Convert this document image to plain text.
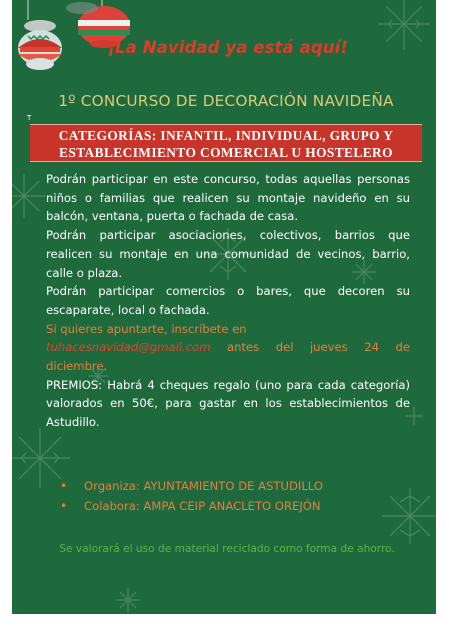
¡La Navidad ya está aquí!
1º CONCURSO DE DECORACIÓN NAVIDEÑA
T
CATEGORÍAS: INFANTIL, INDIVIDUAL, GRUPO Y
ESTABLECIMIENTO COMERCIAL U HOSTELERO

Podrán participar en este concurso, todas aquellas personas niños o familias que realicen su montaje navideño en su balcón, ventana, puerta o fachada de casa.

Podrán participar asociaciones, colectivos, barrios que realicen su montaje en una comunidad de vecinos, barrio, calle o plaza.

Podrán participar comercios o bares, que decoren su escaparate, local o fachada.

Si quieres apuntarte, inscríbete en
tuhacesnavidad@gmail.com antes del jueves 24 de diciembre.

PREMIOS: Habrá 4 cheques regalo (uno para cada categoría) valorados en 50€, para gastar en los establecimientos de Astudillo.

•	Organiza: AYUNTAMIENTO DE ASTUDILLO
•	Colabora: AMPA CEIP ANACLETO OREJÓN
Se valorará el uso de material reciclado como forma de ahorro.
